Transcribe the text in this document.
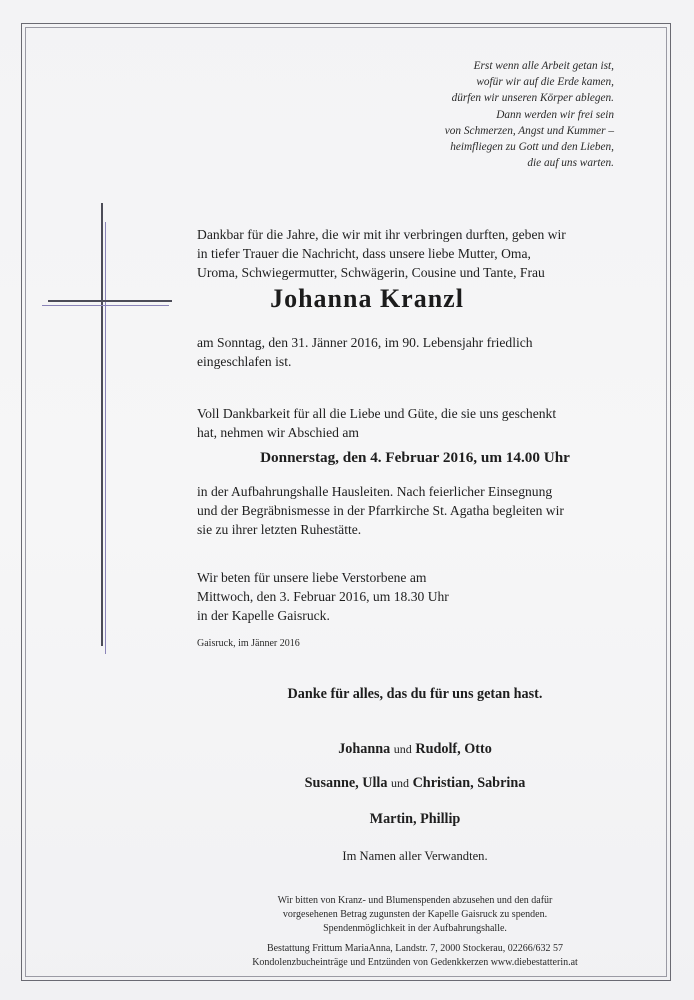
Erst wenn alle Arbeit getan ist,
wofür wir auf die Erde kamen,
dürfen wir unseren Körper ablegen.
Dann werden wir frei sein
von Schmerzen, Angst und Kummer –
heimfliegen zu Gott und den Lieben,
die auf uns warten.
Dankbar für die Jahre, die wir mit ihr verbringen durften, geben wir
in tiefer Trauer die Nachricht, dass unsere liebe Mutter, Oma,
Uroma, Schwiegermutter, Schwägerin, Cousine und Tante, Frau
Johanna Kranzl
am Sonntag, den 31. Jänner 2016, im 90. Lebensjahr friedlich
eingeschlafen ist.
Voll Dankbarkeit für all die Liebe und Güte, die sie uns geschenkt
hat, nehmen wir Abschied am
Donnerstag, den 4. Februar 2016, um 14.00 Uhr
in der Aufbahrungshalle Hausleiten. Nach feierlicher Einsegnung
und der Begräbnismesse in der Pfarrkirche St. Agatha begleiten wir
sie zu ihrer letzten Ruhestätte.
Wir beten für unsere liebe Verstorbene am
Mittwoch, den 3. Februar 2016, um 18.30 Uhr
in der Kapelle Gaisruck.
Gaisruck, im Jänner 2016
Danke für alles, das du für uns getan hast.
Johanna und Rudolf, Otto
Susanne, Ulla und Christian, Sabrina
Martin, Phillip
Im Namen aller Verwandten.
Wir bitten von Kranz- und Blumenspenden abzusehen und den dafür
vorgesehenen Betrag zugunsten der Kapelle Gaisruck zu spenden.
Spendenmöglichkeit in der Aufbahrungshalle.
Bestattung Frittum MariaAnna, Landstr. 7, 2000 Stockerau, 02266/632 57
Kondolenzbucheinträge und Entzünden von Gedenkkerzen www.diebestatterin.at
